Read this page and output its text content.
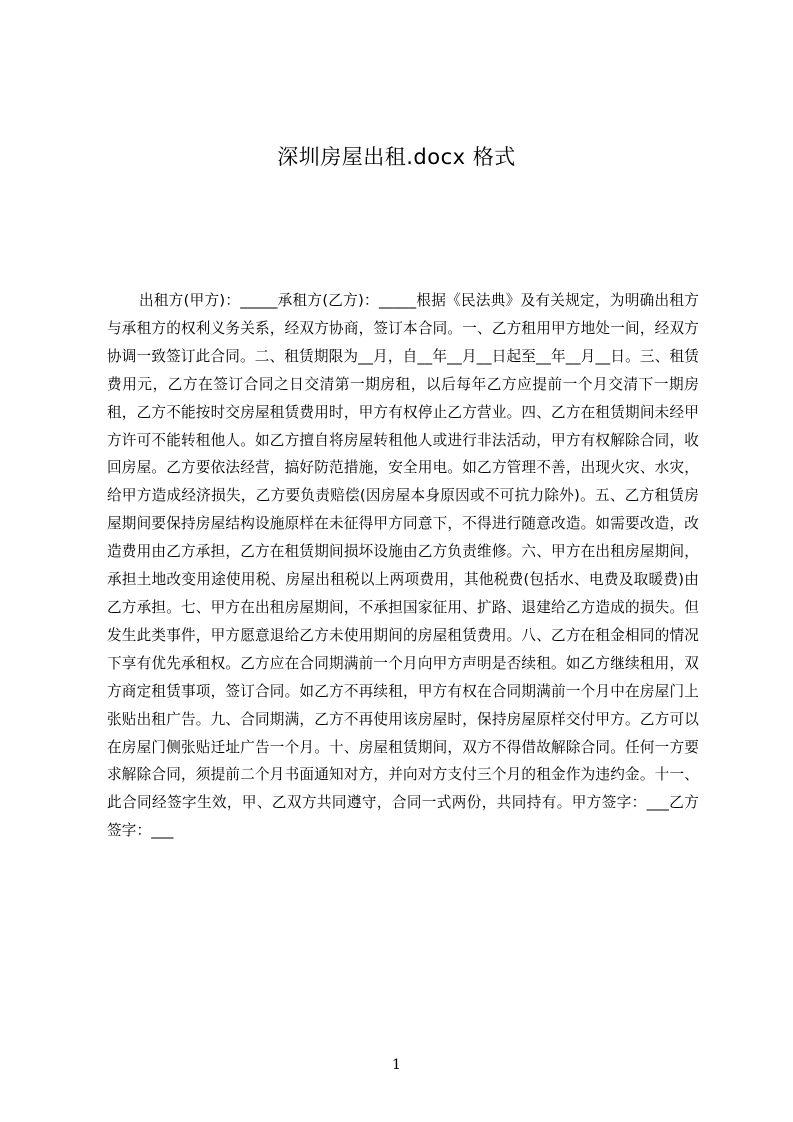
深圳房屋出租.docx 格式

出租方(甲方)：_____承租方(乙方)：_____根据《民法典》及有关规定，为明确出租方与承租方的权利义务关系，经双方协商，签订本合同。一、乙方租用甲方地处一间，经双方协调一致签订此合同。二、租赁期限为__月，自__年__月__日起至__年__月__日。三、租赁费用元，乙方在签订合同之日交清第一期房租，以后每年乙方应提前一个月交清下一期房租，乙方不能按时交房屋租赁费用时，甲方有权停止乙方营业。四、乙方在租赁期间未经甲方许可不能转租他人。如乙方擅自将房屋转租他人或进行非法活动，甲方有权解除合同，收回房屋。乙方要依法经营，搞好防范措施，安全用电。如乙方管理不善，出现火灾、水灾，给甲方造成经济损失，乙方要负责赔偿(因房屋本身原因或不可抗力除外)。五、乙方租赁房屋期间要保持房屋结构设施原样在未征得甲方同意下，不得进行随意改造。如需要改造，改造费用由乙方承担，乙方在租赁期间损坏设施由乙方负责维修。六、甲方在出租房屋期间，承担土地改变用途使用税、房屋出租税以上两项费用，其他税费(包括水、电费及取暖费)由乙方承担。七、甲方在出租房屋期间，不承担国家征用、扩路、退建给乙方造成的损失。但发生此类事件，甲方愿意退给乙方未使用期间的房屋租赁费用。八、乙方在租金相同的情况下享有优先承租权。乙方应在合同期满前一个月向甲方声明是否续租。如乙方继续租用，双方商定租赁事项，签订合同。如乙方不再续租，甲方有权在合同期满前一个月中在房屋门上张贴出租广告。九、合同期满，乙方不再使用该房屋时，保持房屋原样交付甲方。乙方可以在房屋门侧张贴迁址广告一个月。十、房屋租赁期间，双方不得借故解除合同。任何一方要求解除合同，须提前二个月书面通知对方，并向对方支付三个月的租金作为违约金。十一、此合同经签字生效，甲、乙双方共同遵守，合同一式两份，共同持有。甲方签字：___乙方签字：___

1
